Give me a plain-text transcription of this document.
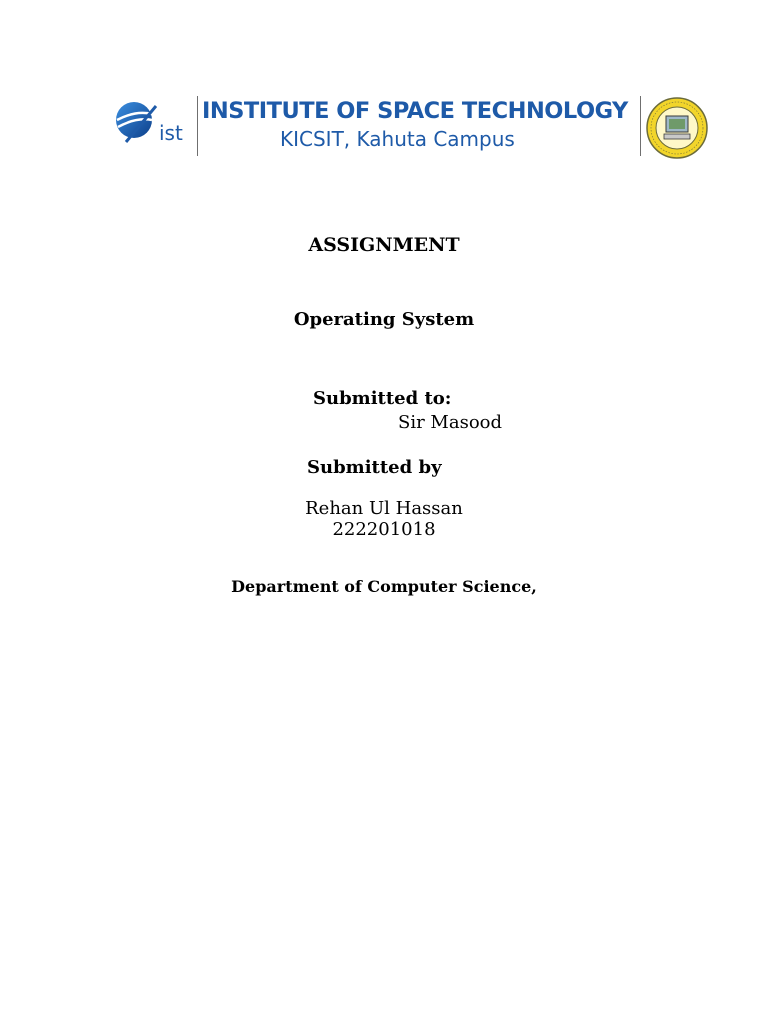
ist

INSTITUTE OF SPACE TECHNOLOGY

KICSIT, Kahuta Campus

ASSIGNMENT

Operating System

Submitted to:

Sir Masood

Submitted by

Rehan Ul Hassan

222201018

Department of Computer Science,
